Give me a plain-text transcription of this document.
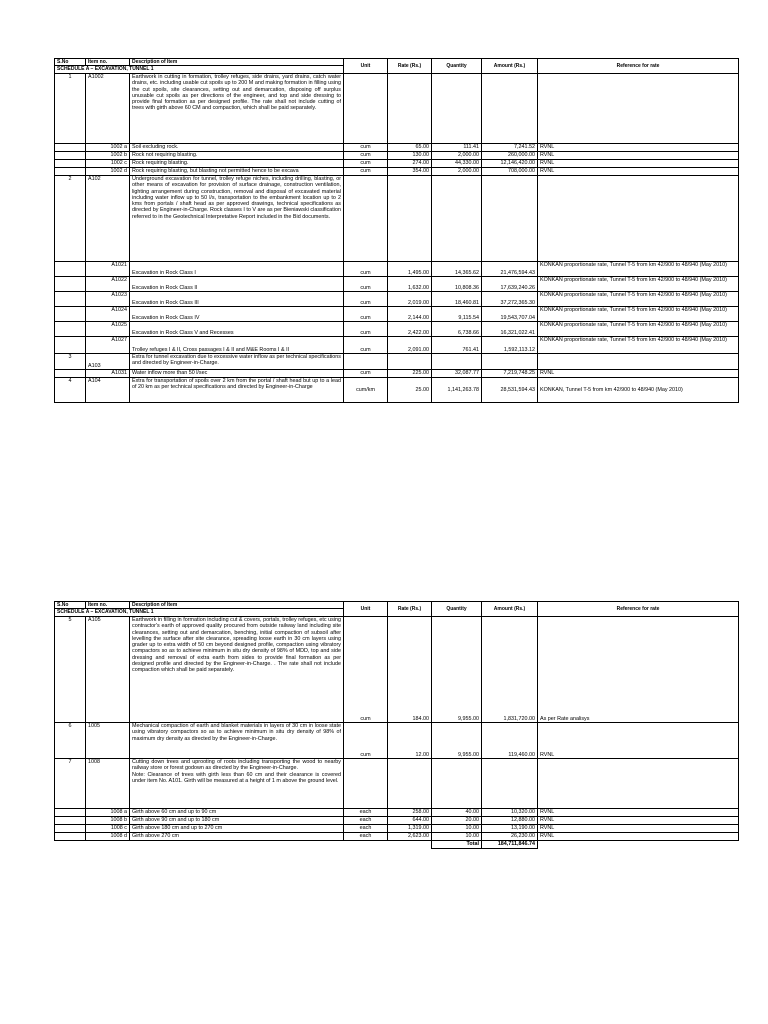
S.No	Item no.	Description of Item	Unit	Rate (Rs.)	Quantity	Amount (Rs.)	Reference for rate
SCHEDULE A – EXCAVATION, TUNNEL 1							
1	A1002	Earthwork in cutting in formation, trolley refuges, side drains, yard drains, catch water drains, etc. including usable cut spoils up to 200 M and making formation in filling using the cut spoils, site clearances, setting out and demarcation, disposing off surplus unusable cut spoils as per directions of the engineer, and top and side dressing to provide final formation as per designed profile. The rate shall not include cutting of trees with girth above 60 CM and compaction, which shall be paid separately.					
	1002 a	Soil excluding rock.	cum	65.00	111.41	7,241.52	RVNL
	1002 b	Rock not requiring blasting.	cum	130.00	2,000.00	260,000.00	RVNL
	1002 c	Rock requiring blasting.	cum	274.00	44,330.00	12,146,420.00	RVNL
	1002 d	Rock requiring blasting, but blasting not permitted hence to be excava	cum	354.00	2,000.00	708,000.00	RVNL
2	A102	Underground excavation for tunnel, trolley refuge niches, including drilling, blasting, or other means of excavation for provision of surface drainage, construction ventilation, lighting arrangement during construction, removal and disposal of excavated material including water inflow up to 50 l/s, transportation to the embankment location up to 2 kms from portals / shaft head as per approved drawings, technical specifications as directed by Engineer-in-Charge. Rock classes I to V are as per Bieniawski classification referred to in the Geotechnical Interpretative Report included in the Bid documents.					
	A1021	Excavation in Rock Class I	cum	1,495.00	14,365.62	21,476,594.43	KONKAN proportionate rate, Tunnel T-5 from km 42/900 to 48/940 (May 2010)
	A1022	Excavation in Rock Class II	cum	1,632.00	10,808.36	17,639,240.26	KONKAN proportionate rate, Tunnel T-5 from km 42/900 to 48/940 (May 2010)
	A1023	Excavation in Rock Class III	cum	2,019.00	18,460.81	37,272,365.30	KONKAN proportionate rate, Tunnel T-5 from km 42/900 to 48/940 (May 2010)
	A1024	Excavation in Rock Class IV	cum	2,144.00	9,115.54	19,543,707.04	KONKAN proportionate rate, Tunnel T-5 from km 42/900 to 48/940 (May 2010)
	A1025	Excavation in Rock Class V and Recesses	cum	2,422.00	6,738.66	16,321,022.41	KONKAN proportionate rate, Tunnel T-5 from km 42/900 to 48/940 (May 2010)
	A1027	Trolley refuges I & II, Cross passages I & II and M&E Rooms I & II	cum	2,091.00	761.41	1,592,113.12	KONKAN proportionate rate, Tunnel T-5 from km 42/900 to 48/940 (May 2010)
3	A103	Extra for tunnel excavation due to excessive water inflow as per technical specifications and directed by Engineer-in-Charge.					
	A1031	Water inflow more than 50 l/sec	cum	225.00	32,087.77	7,219,748.25	RVNL
4	A104	Extra for transportation of spoils over 2 km from the portal / shaft head but up to a lead of 20 km as per technical specifications and directed by Engineer-in-Charge	cum/km	25.00	1,141,263.78	28,531,594.43	KONKAN, Tunnel T-5 from km 42/900 to 48/940 (May 2010)
S.No	Item no.	Description of Item	Unit	Rate (Rs.)	Quantity	Amount (Rs.)	Reference for rate
SCHEDULE A – EXCAVATION, TUNNEL 1							
5	A105	Earthwork in filling in formation including cut & covers, portals, trolley refuges, etc using contractor's earth of approved quality procured from outside railway land including site clearances, setting out and demarcation, benching, initial compaction of subsoil after levelling the surface after site clearance, spreading loose earth in 30 cm layers using grader up to extra width of 50 cm beyond designed profile, compaction using vibratory compactors so as to achieve minimum in situ dry density of 98% of MDD, top and side dressing and removal of extra earth from sides to provide final formation as per designed profile and directed by the Engineer-in-Charge. . The rate shall not include compaction which shall be paid separately.	cum	184.00	9,955.00	1,831,720.00	As per Rate analisys
6	1005	Mechanical compaction of earth and blanket materials in layers of 30 cm in loose state using vibratory compactors so as to achieve minimum in situ dry density of 98% of maximum dry density as directed by the Engineer-in-Charge.	cum	12.00	9,955.00	119,460.00	RVNL
7	1008	Cutting down trees and uprooting of roots including transporting the wood to nearby railway store or forest godown as directed by the Engineer-in-Charge.
Note: Clearance of trees with girth less than 60 cm and their clearance is covered under item No. A101. Girth will be measured at a height of 1 m above the ground level.					

	1008 a	Girth above 60 cm and up to 90 cm	each	258.00	40.00	10,320.00	RVNL
	1008 b	Girth above 90 cm and up to 180 cm	each	644.00	20.00	12,880.00	RVNL
	1008 c	Girth above 180 cm and up to 270 cm	each	1,319.00	10.00	13,190.00	RVNL
	1008 d	Girth above 270 cm	each	2,623.00	10.00	26,230.00	RVNL
					Total	184,711,846.74	
